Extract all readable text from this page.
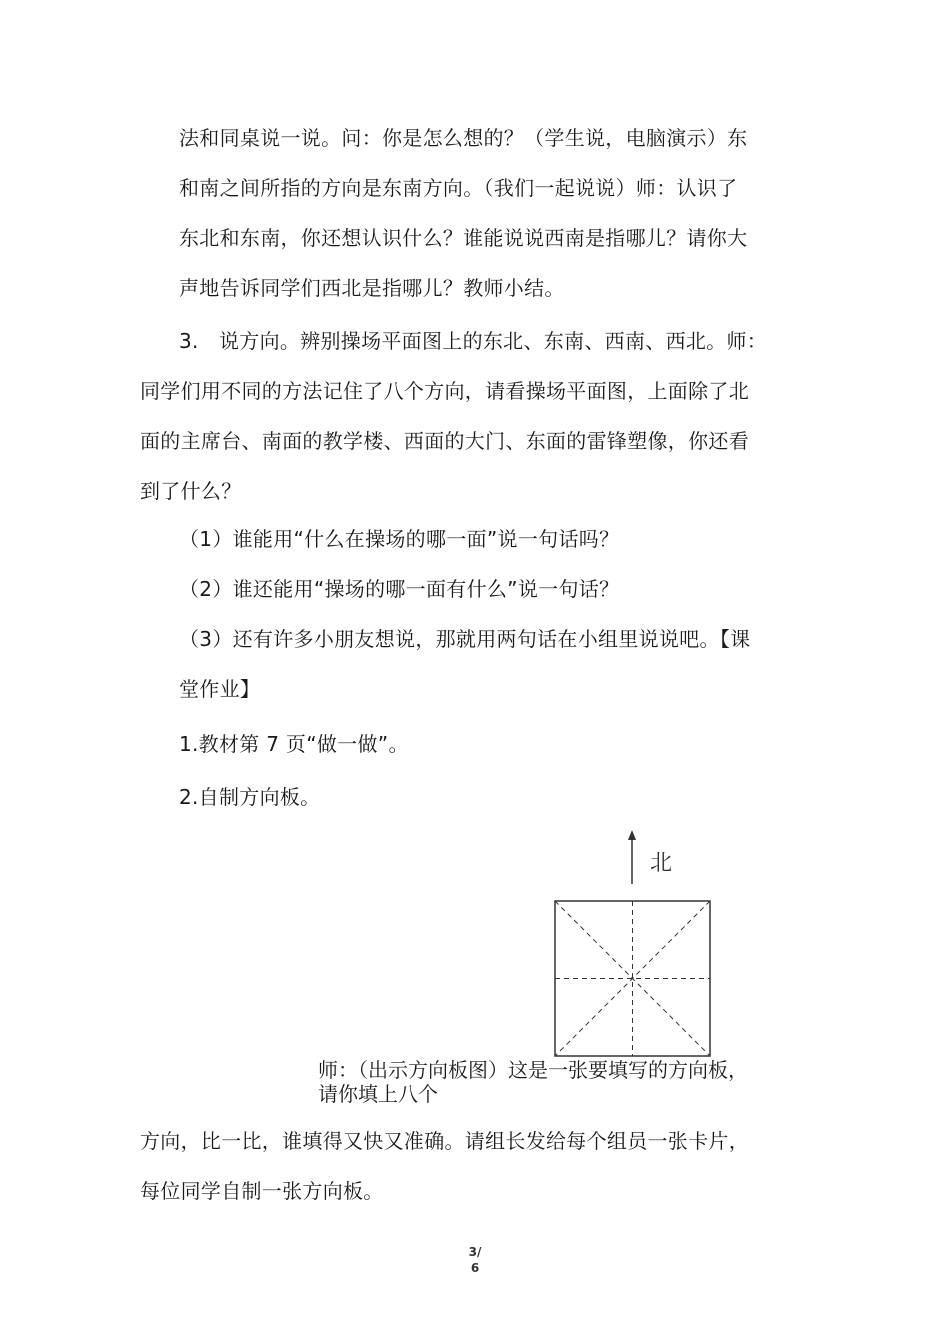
法和同桌说一说。问：你是怎么想的？（学生说，电脑演示）东
和南之间所指的方向是东南方向。（我们一起说说）师：认识了
东北和东南，你还想认识什么？谁能说说西南是指哪儿？请你大
声地告诉同学们西北是指哪儿？教师小结。
3.　说方向。辨别操场平面图上的东北、东南、西南、西北。师：
同学们用不同的方法记住了八个方向，请看操场平面图，上面除了北
面的主席台、南面的教学楼、西面的大门、东面的雷锋塑像，你还看
到了什么？
（1）谁能用“什么在操场的哪一面”说一句话吗？
（2）谁还能用“操场的哪一面有什么”说一句话？
（3）还有许多小朋友想说，那就用两句话在小组里说说吧。【课
堂作业】
1.教材第 7 页“做一做”。
2.自制方向板。
北
师：（出示方向板图）这是一张要填写的方向板，
请你填上八个
方向，比一比，谁填得又快又准确。请组长发给每个组员一张卡片，
每位同学自制一张方向板。
3/
6
